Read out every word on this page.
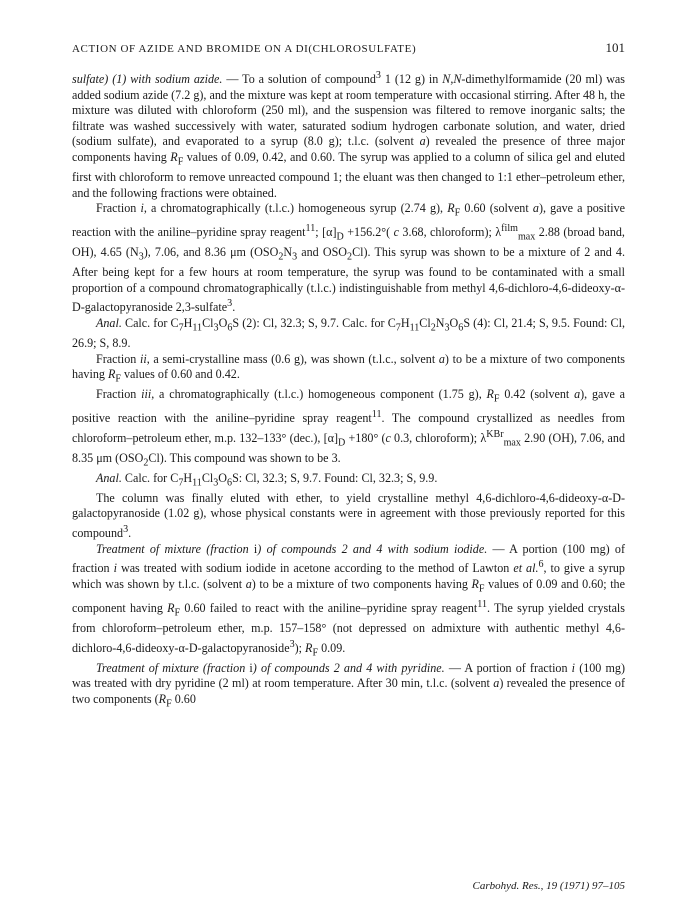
ACTION OF AZIDE AND BROMIDE ON A DI(CHLOROSULFATE)	101

sulfate) (1) with sodium azide. — To a solution of compound$^3$ 1 (12 g) in N,N-dimethylformamide (20 ml) was added sodium azide (7.2 g), and the mixture was kept at room temperature with occasional stirring. After 48 h, the mixture was diluted with chloroform (250 ml), and the suspension was filtered to remove inorganic salts; the filtrate was washed successively with water, saturated sodium hydrogen carbonate solution, and water, dried (sodium sulfate), and evaporated to a syrup (8.0 g); t.l.c. (solvent a) revealed the presence of three major components having $R_F$ values of 0.09, 0.42, and 0.60. The syrup was applied to a column of silica gel and eluted first with chloroform to remove unreacted compound 1; the eluant was then changed to 1:1 ether–petroleum ether, and the following fractions were obtained.

Fraction i, a chromatographically (t.l.c.) homogeneous syrup (2.74 g), $R_F$ 0.60 (solvent a), gave a positive reaction with the aniline–pyridine spray reagent$^{11}$; $[\alpha]_D +156.2^\circ$( c 3.68, chloroform); $\lambda^{film}_{max}$ 2.88 (broad band, OH), 4.65 $(N_3)$, 7.06, and 8.36 μm ($OSO_2N_3$ and $OSO_2Cl$). This syrup was shown to be a mixture of 2 and 4. After being kept for a few hours at room temperature, the syrup was found to be contaminated with a small proportion of a compound chromatographically (t.l.c.) indistinguishable from methyl 4,6-dichloro-4,6-dideoxy-α-D-galactopyranoside 2,3-sulfate$^3$.

Anal. Calc. for $C_7H_{11}Cl_3O_6S$ (2): Cl, 32.3; S, 9.7. Calc. for $C_7H_{11}Cl_2N_3O_6S$ (4): Cl, 21.4; S, 9.5. Found: Cl, 26.9; S, 8.9.

Fraction ii, a semi-crystalline mass (0.6 g), was shown (t.l.c., solvent a) to be a mixture of two components having $R_F$ values of 0.60 and 0.42.

Fraction iii, a chromatographically (t.l.c.) homogeneous component (1.75 g), $R_F$ 0.42 (solvent a), gave a positive reaction with the aniline–pyridine spray reagent$^{11}$. The compound crystallized as needles from chloroform–petroleum ether, m.p. 132–133° (dec.), $[\alpha]_D +180^\circ$ (c 0.3, chloroform); $\lambda^{KBr}_{max}$ 2.90 (OH), 7.06, and 8.35 μm $(OSO_2Cl)$. This compound was shown to be 3.

Anal. Calc. for $C_7H_{11}Cl_3O_6S$: Cl, 32.3; S, 9.7. Found: Cl, 32.3; S, 9.9.

The column was finally eluted with ether, to yield crystalline methyl 4,6-dichloro-4,6-dideoxy-α-D-galactopyranoside (1.02 g), whose physical constants were in agreement with those previously reported for this compound$^3$.

Treatment of mixture (fraction i) of compounds 2 and 4 with sodium iodide. — A portion (100 mg) of fraction i was treated with sodium iodide in acetone according to the method of Lawton et al.$^6$, to give a syrup which was shown by t.l.c. (solvent a) to be a mixture of two components having $R_F$ values of 0.09 and 0.60; the component having $R_F$ 0.60 failed to react with the aniline–pyridine spray reagent$^{11}$. The syrup yielded crystals from chloroform–petroleum ether, m.p. 157–158° (not depressed on admixture with authentic methyl 4,6-dichloro-4,6-dideoxy-α-D-galactopyranoside$^3$); $R_F$ 0.09.

Treatment of mixture (fraction i) of compounds 2 and 4 with pyridine. — A portion of fraction i (100 mg) was treated with dry pyridine (2 ml) at room temperature. After 30 min, t.l.c. (solvent a) revealed the presence of two components ($R_F$ 0.60

Carbohyd. Res., 19 (1971) 97–105
